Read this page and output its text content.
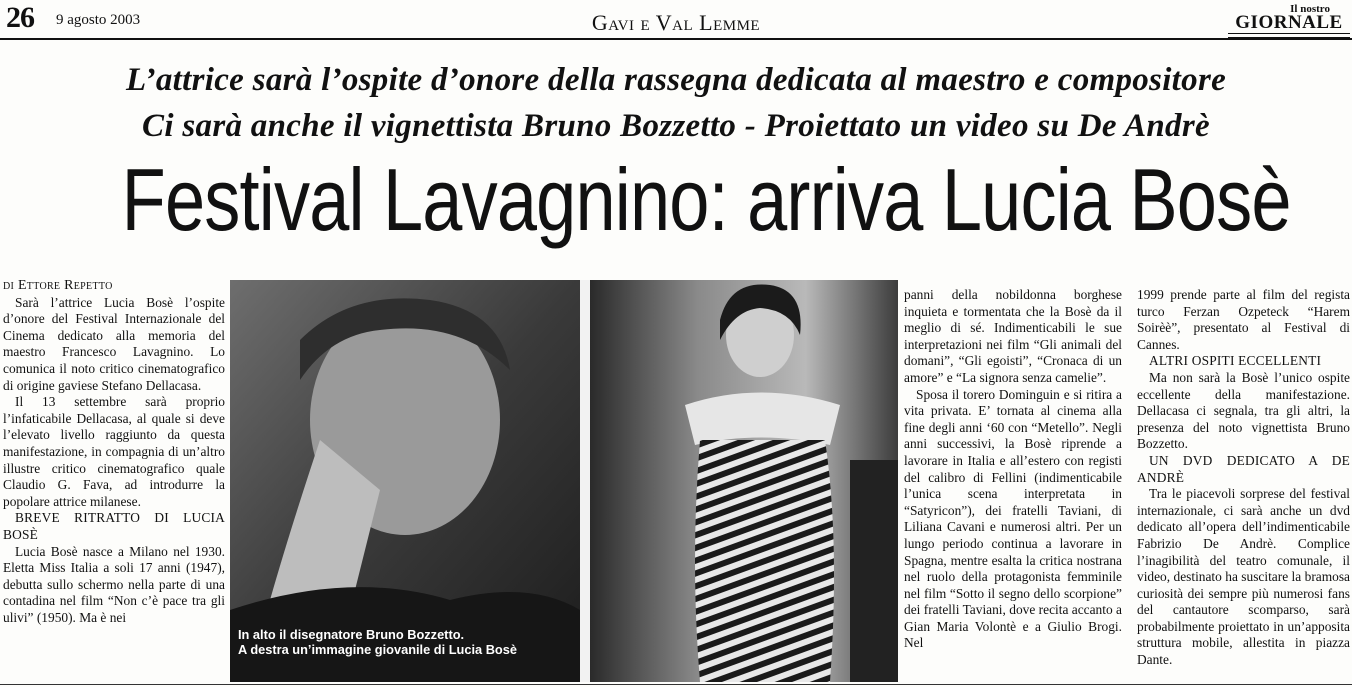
26 9 agosto 2003	Gavi e Val Lemme
Il nostro
GIORNALE
L’attrice sarà l’ospite d’onore della rassegna dedicata al maestro e compositore
Ci sarà anche il vignettista Bruno Bozzetto - Proiettato un video su De Andrè
Festival Lavagnino: arriva Lucia Bosè

di Ettore Repetto

Sarà l’attrice Lucia Bosè l’ospite d’onore del Festival Internazionale del Cinema dedicato alla memoria del maestro Francesco Lavagnino. Lo comunica il noto critico cinematografico di origine gaviese Stefano Dellacasa.

Il 13 settembre sarà proprio l’infaticabile Dellacasa, al quale si deve l’elevato livello raggiunto da questa manifestazione, in compagnia di un’altro illustre critico cinematografico quale Claudio G. Fava, ad introdurre la popolare attrice milanese.

BREVE RITRATTO DI LUCIA BOSÈ

Lucia Bosè nasce a Milano nel 1930. Eletta Miss Italia a soli 17 anni (1947), debutta sullo schermo nella parte di una contadina nel film “Non c’è pace tra gli ulivi” (1950). Ma è nei

In alto il disegnatore Bruno Bozzetto.
A destra un’immagine giovanile di Lucia Bosè

panni della nobildonna borghese inquieta e tormentata che la Bosè da il meglio di sé. Indimenticabili le sue interpretazioni nei film “Gli animali del domani”, “Gli egoisti”, “Cronaca di un amore” e “La signora senza camelie”.

Sposa il torero Dominguin e si ritira a vita privata. E’ tornata al cinema alla fine degli anni ‘60 con “Metello”. Negli anni successivi, la Bosè riprende a lavorare in Italia e all’estero con registi del calibro di Fellini (indimenticabile l’unica scena interpretata in “Satyricon”), dei fratelli Taviani, di Liliana Cavani e numerosi altri. Per un lungo periodo continua a lavorare in Spagna, mentre esalta la critica nostrana nel ruolo della protagonista femminile nel film “Sotto il segno dello scorpione” dei fratelli Taviani, dove recita accanto a Gian Maria Volontè e a Giulio Brogi. Nel

1999 prende parte al film del regista turco Ferzan Ozpeteck “Harem Soirèè”, presentato al Festival di Cannes.

ALTRI OSPITI ECCELLENTI

Ma non sarà la Bosè l’unico ospite eccellente della manifestazione. Dellacasa ci segnala, tra gli altri, la presenza del noto vignettista Bruno Bozzetto.

UN DVD DEDICATO A DE ANDRÈ

Tra le piacevoli sorprese del festival internazionale, ci sarà anche un dvd dedicato all’opera dell’indimenticabile Fabrizio De Andrè. Complice l’inagibilità del teatro comunale, il video, destinato ha suscitare la bramosa curiosità dei sempre più numerosi fans del cantautore scomparso, sarà probabilmente proiettato in un’apposita struttura mobile, allestita in piazza Dante.
